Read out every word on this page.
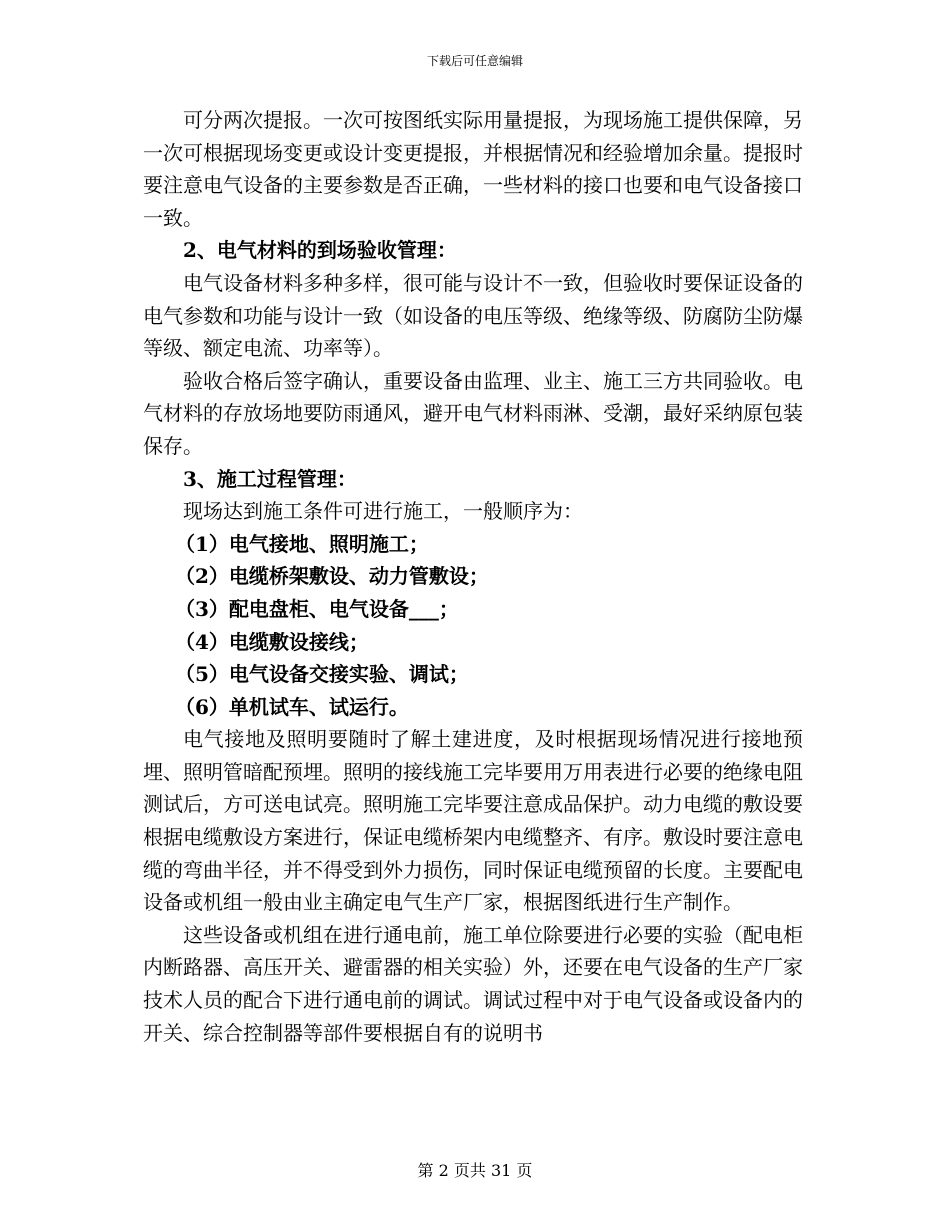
下载后可任意编辑

可分两次提报。一次可按图纸实际用量提报，为现场施工提供保障，另一次可根据现场变更或设计变更提报，并根据情况和经验增加余量。提报时要注意电气设备的主要参数是否正确，一些材料的接口也要和电气设备接口一致。

2、电气材料的到场验收管理：

电气设备材料多种多样，很可能与设计不一致，但验收时要保证设备的电气参数和功能与设计一致（如设备的电压等级、绝缘等级、防腐防尘防爆等级、额定电流、功率等）。

验收合格后签字确认，重要设备由监理、业主、施工三方共同验收。电气材料的存放场地要防雨通风，避开电气材料雨淋、受潮，最好采纳原包装保存。

3、施工过程管理：

现场达到施工条件可进行施工，一般顺序为：

（1）电气接地、照明施工；
（2）电缆桥架敷设、动力管敷设；
（3）配电盘柜、电气设备___；
（4）电缆敷设接线；
（5）电气设备交接实验、调试；
（6）单机试车、试运行。

电气接地及照明要随时了解土建进度，及时根据现场情况进行接地预埋、照明管暗配预埋。照明的接线施工完毕要用万用表进行必要的绝缘电阻测试后，方可送电试亮。照明施工完毕要注意成品保护。动力电缆的敷设要根据电缆敷设方案进行，保证电缆桥架内电缆整齐、有序。敷设时要注意电缆的弯曲半径，并不得受到外力损伤，同时保证电缆预留的长度。主要配电设备或机组一般由业主确定电气生产厂家，根据图纸进行生产制作。

这些设备或机组在进行通电前，施工单位除要进行必要的实验（配电柜内断路器、高压开关、避雷器的相关实验）外，还要在电气设备的生产厂家技术人员的配合下进行通电前的调试。调试过程中对于电气设备或设备内的开关、综合控制器等部件要根据自有的说明书

第 2 页共 31 页
